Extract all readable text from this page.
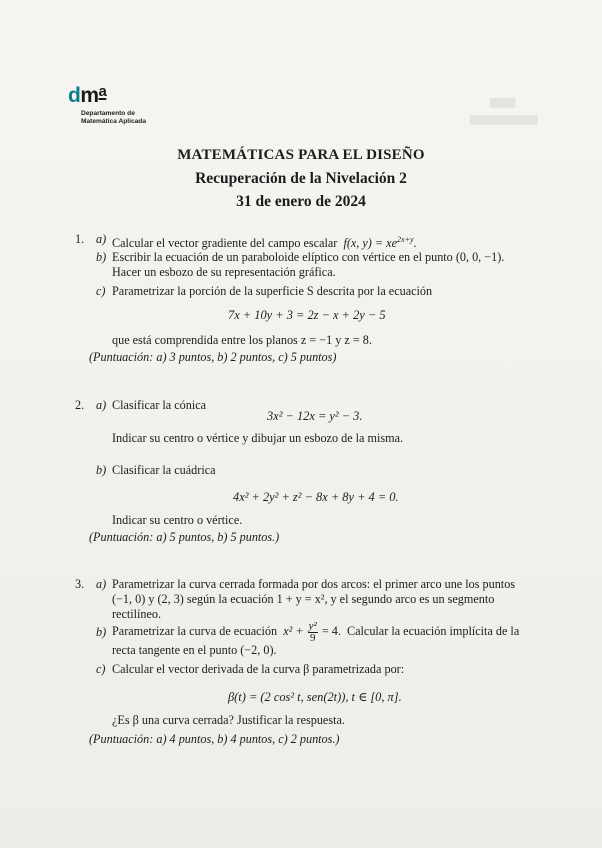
▆▆▆
▆▆▆▆▆▆▆▆
$dm^a$
Departamento de
Matemática Aplicada
MATEMÁTICAS PARA EL DISEÑO
Recuperación de la Nivelación 2
31 de enero de 2024
1. a) Calcular el vector gradiente del campo escalar f(x, $y) = xe^{2x+y}$.
b) Escribir la ecuación de un paraboloide elíptico con vértice en el punto (0, 0, −1).
Hacer un esbozo de su representación gráfica.
c) Parametrizar la porción de la superficie S descrita por la ecuación
7x + 10y + 3 = 2z − x + 2y − 5
que está comprendida entre los planos z = −1 y z = 8.
(Puntuación: a) 3 puntos, b) 2 puntos, c) 5 puntos)
2. a) Clasificar la cónica
3x² − 12x = y² − 3.
Indicar su centro o vértice y dibujar un esbozo de la misma.
b) Clasificar la cuádrica
4x² + 2y² + z² − 8x + 8y + 4 = 0.
Indicar su centro o vértice.
(Puntuación: a) 5 puntos, b) 5 puntos.)
3. a) Parametrizar la curva cerrada formada por dos arcos: el primer arco une los puntos
(−1, 0) y (2, 3) según la ecuación 1 + y = x², y el segundo arco es un segmento
rectilíneo.
b) Parametrizar la curva de ecuación $x^2 + \frac{\text{y²}}{9} = 4$. Calcular la ecuación implícita de la
recta tangente en el punto (−2, 0).
c) Calcular el vector derivada de la curva β parametrizada por:
β(t) = (2 cos² t, sen(2t)), t ∈ [0, π].
¿Es β una curva cerrada? Justificar la respuesta.
(Puntuación: a) 4 puntos, b) 4 puntos, c) 2 puntos.)
